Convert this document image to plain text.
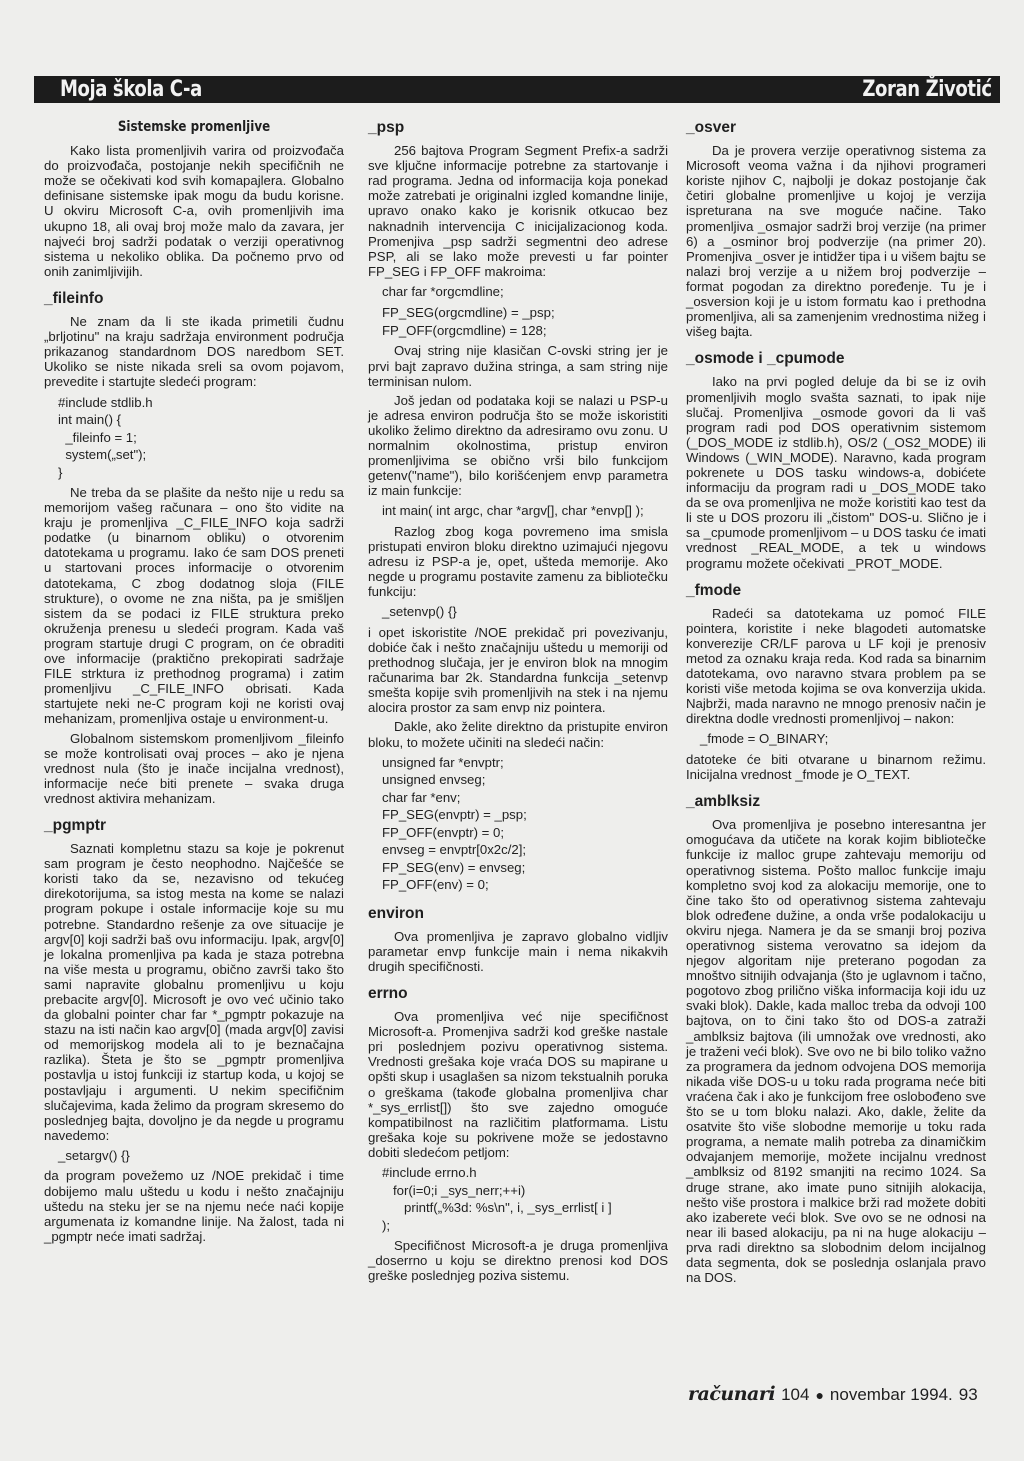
Moja škola C-a	Zoran Životić
Sistemske promenljive

Kako lista promenljivih varira od proizvođača do proizvođača, postojanje nekih specifičnih ne može se očekivati kod svih komapajlera. Globalno definisane sistemske ipak mogu da budu korisne. U okviru Microsoft C-a, ovih promenljivih ima ukupno 18, ali ovaj broj može malo da zavara, jer najveći broj sadrži podatak o verziji operativnog sistema u nekoliko oblika. Da počnemo prvo od onih zanimljivijih.

_fileinfo

Ne znam da li ste ikada primetili čudnu „brljotinu" na kraju sadržaja environment područja prikazanog standardnom DOS naredbom SET. Ukoliko se niste nikada sreli sa ovom pojavom, prevedite i startujte sledeći program:

#include stdlib.h
int main() {
_fileinfo = 1;
system(„set");
}

Ne treba da se plašite da nešto nije u redu sa memorijom vašeg računara – ono što vidite na kraju je promenljiva _C_FILE_INFO koja sadrži podatke (u binarnom obliku) o otvorenim datotekama u programu. Iako će sam DOS preneti u startovani proces informacije o otvorenim datotekama, C zbog dodatnog sloja (FILE strukture), o ovome ne zna ništa, pa je smišljen sistem da se podaci iz FILE struktura preko okruženja prenesu u sledeći program. Kada vaš program startuje drugi C program, on će obraditi ove informacije (praktično prekopirati sadržaje FILE strktura iz prethodnog programa) i zatim promenljivu _C_FILE_INFO obrisati. Kada startujete neki ne-C program koji ne koristi ovaj mehanizam, promenljiva ostaje u environment-u.

Globalnom sistemskom promenljivom _fileinfo se može kontrolisati ovaj proces – ako je njena vrednost nula (što je inače incijalna vrednost), informacije neće biti prenete – svaka druga vrednost aktivira mehanizam.

_pgmptr

Saznati kompletnu stazu sa koje je pokrenut sam program je često neophodno. Najčešće se koristi tako da se, nezavisno od tekućeg direkotorijuma, sa istog mesta na kome se nalazi program pokupe i ostale informacije koje su mu potrebne. Standardno rešenje za ove situacije je argv[0] koji sadrži baš ovu informaciju. Ipak, argv[0] je lokalna promenljiva pa kada je staza potrebna na više mesta u programu, obično završi tako što sami napravite globalnu promenljivu u koju prebacite argv[0]. Microsoft je ovo već učinio tako da globalni pointer char far *_pgmptr pokazuje na stazu na isti način kao argv[0] (mada argv[0] zavisi od memorijskog modela ali to je beznačajna razlika). Šteta je što se _pgmptr promenljiva postavlja u istoj funkciji iz startup koda, u kojoj se postavljaju i argumenti. U nekim specifičnim slučajevima, kada želimo da program skresemo do poslednjeg bajta, dovoljno je da negde u programu navedemo:

_setargv() {}

da program povežemo uz /NOE prekidač i time dobijemo malu uštedu u kodu i nešto značajniju uštedu na steku jer se na njemu neće naći kopije argumenata iz komandne linije. Na žalost, tada ni _pgmptr neće imati sadržaj.

_psp

256 bajtova Program Segment Prefix-a sadrži sve ključne informacije potrebne za startovanje i rad programa. Jedna od informacija koja ponekad može zatrebati je originalni izgled komandne linije, upravo onako kako je korisnik otkucao bez naknadnih intervencija C inicijalizacionog koda. Promenjiva _psp sadrži segmentni deo adrese PSP, ali se lako može prevesti u far pointer FP_SEG i FP_OFF makroima:

char far *orgcmdline;
FP_SEG(orgcmdline) = _psp;
FP_OFF(orgcmdline) = 128;

Ovaj string nije klasičan C-ovski string jer je prvi bajt zapravo dužina stringa, a sam string nije terminisan nulom.

Još jedan od podataka koji se nalazi u PSP-u je adresa environ područja što se može iskoristiti ukoliko želimo direktno da adresiramo ovu zonu. U normalnim okolnostima, pristup environ promenljivima se obično vrši bilo funkcijom getenv("name"), bilo korišćenjem envp parametra iz main funkcije:

int main( int argc, char *argv[], char *envp[] );

Razlog zbog koga povremeno ima smisla pristupati environ bloku direktno uzimajući njegovu adresu iz PSP-a je, opet, ušteda memorije. Ako negde u programu postavite zamenu za bibliotečku funkciju:

_setenvp() {}

i opet iskoristite /NOE prekidač pri povezivanju, dobiće čak i nešto značajniju uštedu u memoriji od prethodnog slučaja, jer je environ blok na mnogim računarima bar 2k. Standardna funkcija _setenvp smešta kopije svih promenljivih na stek i na njemu alocira prostor za sam envp niz pointera.

Dakle, ako želite direktno da pristupite environ bloku, to možete učiniti na sledeći način:

unsigned far *envptr;
unsigned envseg;
char far *env;
FP_SEG(envptr) = _psp;
FP_OFF(envptr) = 0;
envseg = envptr[0x2c/2];
FP_SEG(env) = envseg;
FP_OFF(env) = 0;
environ

Ova promenljiva je zapravo globalno vidljiv parametar envp funkcije main i nema nikakvih drugih specifičnosti.

errno

Ova promenljiva već nije specifičnost Microsoft-a. Promenjiva sadrži kod greške nastale pri poslednjem pozivu operativnog sistema. Vrednosti grešaka koje vraća DOS su mapirane u opšti skup i usaglašen sa nizom tekstualnih poruka o greškama (takođe globalna promenljiva char *_sys_errlist[]) što sve zajedno omogućе kompatibilnost na različitim platformama. Listu grešaka koje su pokrivene može se jedostavno dobiti sledećom petljom:

#include errno.h
for(i=0;i _sys_nerr;++i)
printf(„%3d: %s\n", i, _sys_errlist[ i ]
);

Specifičnost Microsoft-a je druga promenljiva _doserrno u koju se direktno prenosi kod DOS greške poslednjeg poziva sistemu.

_osver

Da je provera verzije operativnog sistema za Microsoft veoma važna i da njihovi programeri koriste njihov C, najbolji je dokaz postojanje čak četiri globalne promenljive u kojoj je verzija ispreturana na sve moguće načine. Tako promenljiva _osmajor sadrži broj verzije (na primer 6) a _osminor broj podverzije (na primer 20). Promenjiva _osver je intidžer tipa i u višem bajtu se nalazi broj verzije a u nižem broj podverzije – format pogodan za direktno poređenje. Tu je i _osversion koji je u istom formatu kao i prethodna promenljiva, ali sa zamenjenim vrednostima nižeg i višeg bajta.

_osmode i _cpumode

Iako na prvi pogled deluje da bi se iz ovih promenljivih moglo svašta saznati, to ipak nije slučaj. Promenljiva _osmode govori da li vaš program radi pod DOS operativnim sistemom (_DOS_MODE iz stdlib.h), OS/2 (_OS2_MODE) ili Windows (_WIN_MODE). Naravno, kada program pokrenete u DOS tasku windows-a, dobićete informaciju da program radi u _DOS_MODE tako da se ova promenljiva ne može koristiti kao test da li ste u DOS prozoru ili „čistom" DOS-u. Slično je i sa _cpumode promenljivom – u DOS tasku će imati vrednost _REAL_MODE, a tek u windows programu možete očekivati _PROT_MODE.

_fmode

Radeći sa datotekama uz pomoć FILE pointera, koristite i neke blagodeti automatske konverezije CR/LF parova u LF koji je prenosiv metod za oznaku kraja reda. Kod rada sa binarnim datotekama, ovo naravno stvara problem pa se koristi više metoda kojima se ova konverzija ukida. Najbrži, mada naravno ne mnogo prenosiv način je direktna dodle vrednosti promenljivoj – nakon:

_fmode = O_BINARY;

datoteke će biti otvarane u binarnom režimu. Inicijalna vrednost _fmode je O_TEXT.

_amblksiz

Ova promenljiva je posebno interesantna jer omogućava da utičete na korak kojim bibliotečke funkcije iz malloc grupe zahtevaju memoriju od operativnog sistema. Pošto malloc funkcije imaju kompletno svoj kod za alokaciju memorije, one to čine tako što od operativnog sistema zahtevaju blok određene dužine, a onda vrše podalokaciju u okviru njega. Namera je da se smanji broj poziva operativnog sistema verovatno sa idejom da njegov algoritam nije preterano pogodan za mnoštvo sitnijih odvajanja (što je uglavnom i tačno, pogotovo zbog prilično viška informacija koji idu uz svaki blok). Dakle, kada malloc treba da odvoji 100 bajtova, on to čini tako što od DOS-a zatraži _amblksiz bajtova (ili umnožak ove vrednosti, ako je traženi veći blok). Sve ovo ne bi bilo toliko važno za programera da jednom odvojena DOS memorija nikada više DOS-u u toku rada programa neće biti vraćena čak i ako je funkcijom free oslobođeno sve što se u tom bloku nalazi. Ako, dakle, želite da osatvite što više slobodne memorije u toku rada programa, a nemate malih potreba za dinamičkim odvajanjem memorije, možete incijalnu vrednost _amblksiz od 8192 smanjiti na recimo 1024. Sa druge strane, ako imate puno sitnijih alokacija, nešto više prostora i malkice brži rad možete dobiti ako izaberete veći blok. Sve ovo se ne odnosi na near ili based alokaciju, pa ni na huge alokaciju – prva radi direktno sa slobodnim delom incijalnog data segmenta, dok se poslednja oslanjala pravo na DOS.

računari 104 ● novembar 1994. 93
